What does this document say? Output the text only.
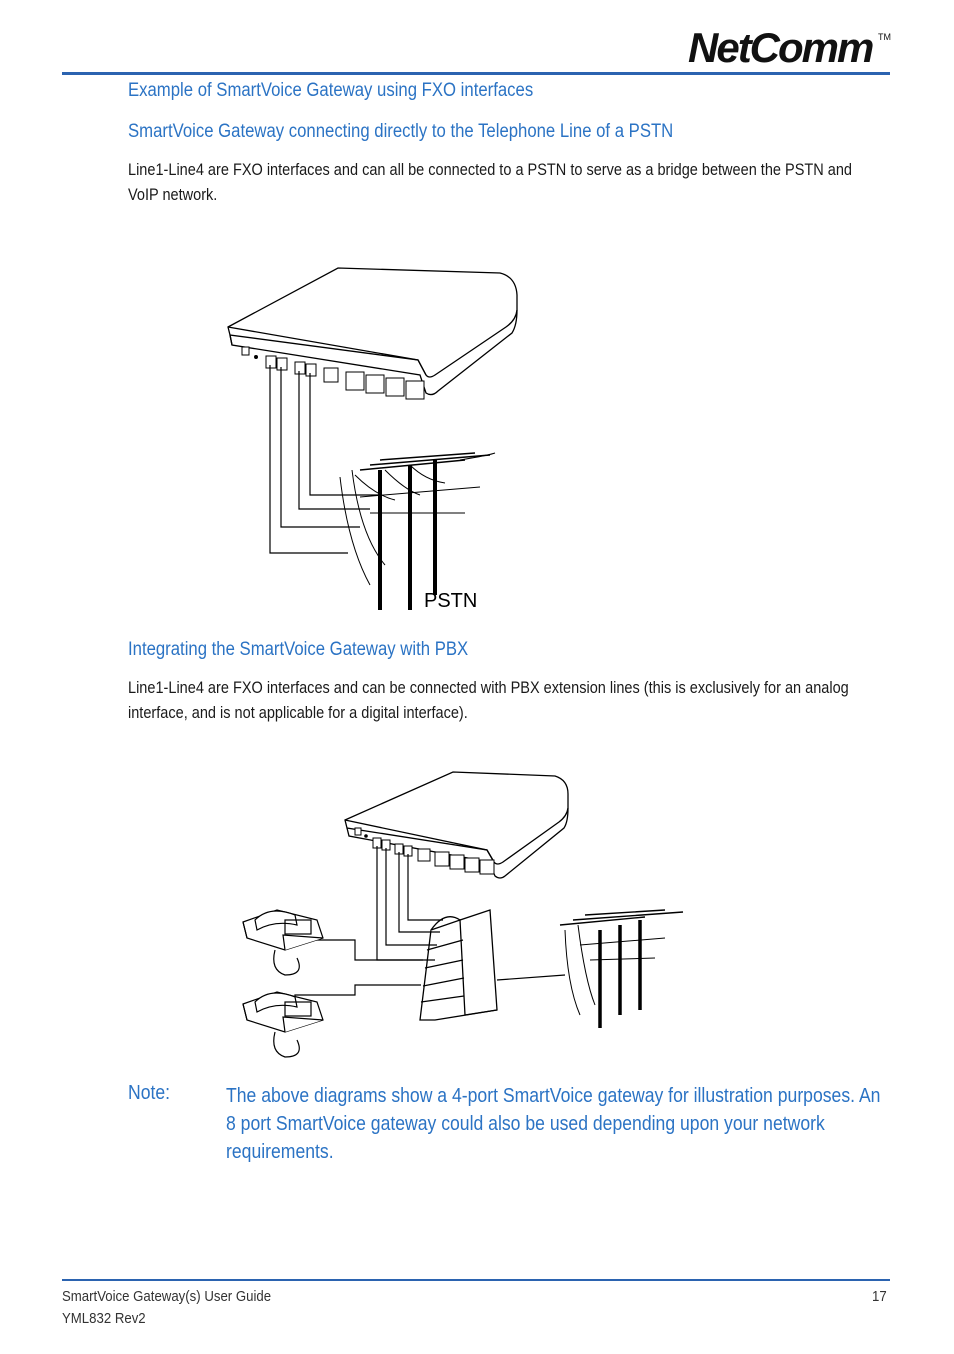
NetComm TM
Example of SmartVoice Gateway using FXO interfaces
SmartVoice Gateway connecting directly to the Telephone Line of a PSTN
Line1-Line4 are FXO interfaces and can all be connected to a PSTN to serve as a bridge between the PSTN and VoIP network.
PSTN
Integrating the SmartVoice Gateway with PBX
Line1-Line4 are FXO interfaces and can be connected with PBX extension lines (this is exclusively for an analog interface, and is not applicable for a digital interface).
Note:	The above diagrams show a 4-port SmartVoice gateway for illustration purposes. An 8 port SmartVoice gateway could also be used depending upon your network requirements.
SmartVoice Gateway(s) User Guide
YML832 Rev2
17
